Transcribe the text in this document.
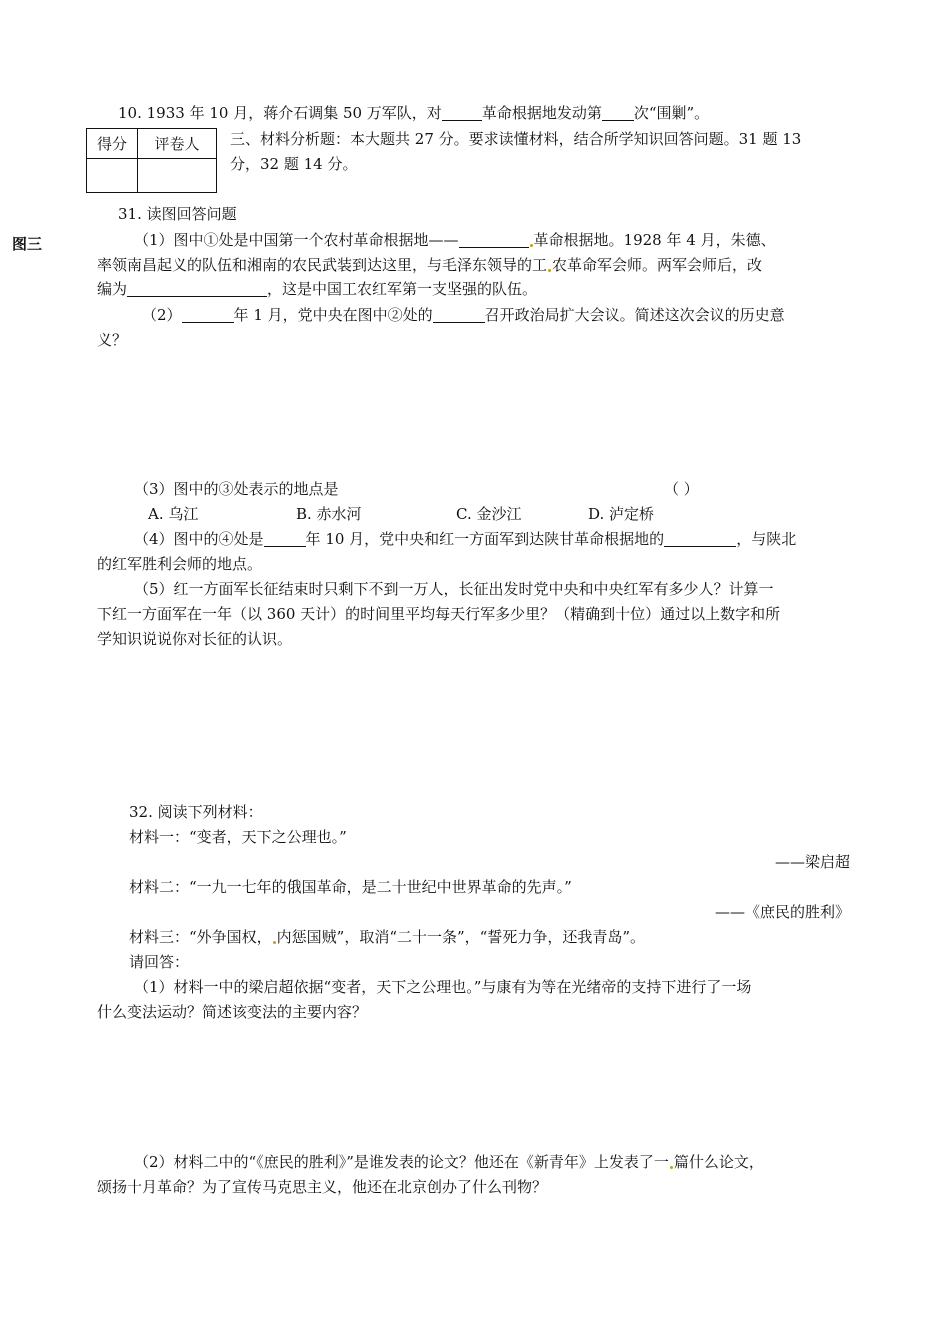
10. 1933 年 10 月，蒋介石调集 50 万军队，对	革命根据地发动第 次“围剿”。
得分	评卷人
	三、材料分析题：本大题共 27 分。要求读懂材料，结合所学知识回答问题。31 题 13
分，32 题 14 分。
图三
31. 读图回答问题
（1）图中①处是中国第一个农村革命根据地——	革命根据地。1928 年 4 月，朱德、
率领南昌起义的队伍和湘南的农民武装到达这里，与毛泽东领导的工 农革命军会师。两军会师后，改
编为	，这是中国工农红军第一支坚强的队伍。
（2）	年 1 月，党中央在图中②处的	召开政治局扩大会议。简述这次会议的历史意
义？
（3）图中的③处表示的地点是	（ ）
A. 乌江	B. 赤水河	C. 金沙江	D. 泸定桥
（4）图中的④处是	年 10 月，党中央和红一方面军到达陕甘革命根据地的	，与陕北
的红军胜利会师的地点。
（5）红一方面军长征结束时只剩下不到一万人，长征出发时党中央和中央红军有多少人？计算一
下红一方面军在一年（以 360 天计）的时间里平均每天行军多少里？（精确到十位）通过以上数字和所
学知识说说你对长征的认识。
32. 阅读下列材料：
材料一：“变者，天下之公理也。”
——梁启超
材料二：“一九一七年的俄国革命，是二十世纪中世界革命的先声。”
——《庶民的胜利》
材料三：“外争国权， 内惩国贼”，取消“二十一条”，“誓死力争，还我青岛”。
请回答：
（1）材料一中的梁启超依据“变者，天下之公理也。”与康有为等在光绪帝的支持下进行了一场
什么变法运动？简述该变法的主要内容？
（2）材料二中的“《庶民的胜利》”是谁发表的论文？他还在《新青年》上发表了一 篇什么论文，
颂扬十月革命？为了宣传马克思主义，他还在北京创办了什么刊物？
